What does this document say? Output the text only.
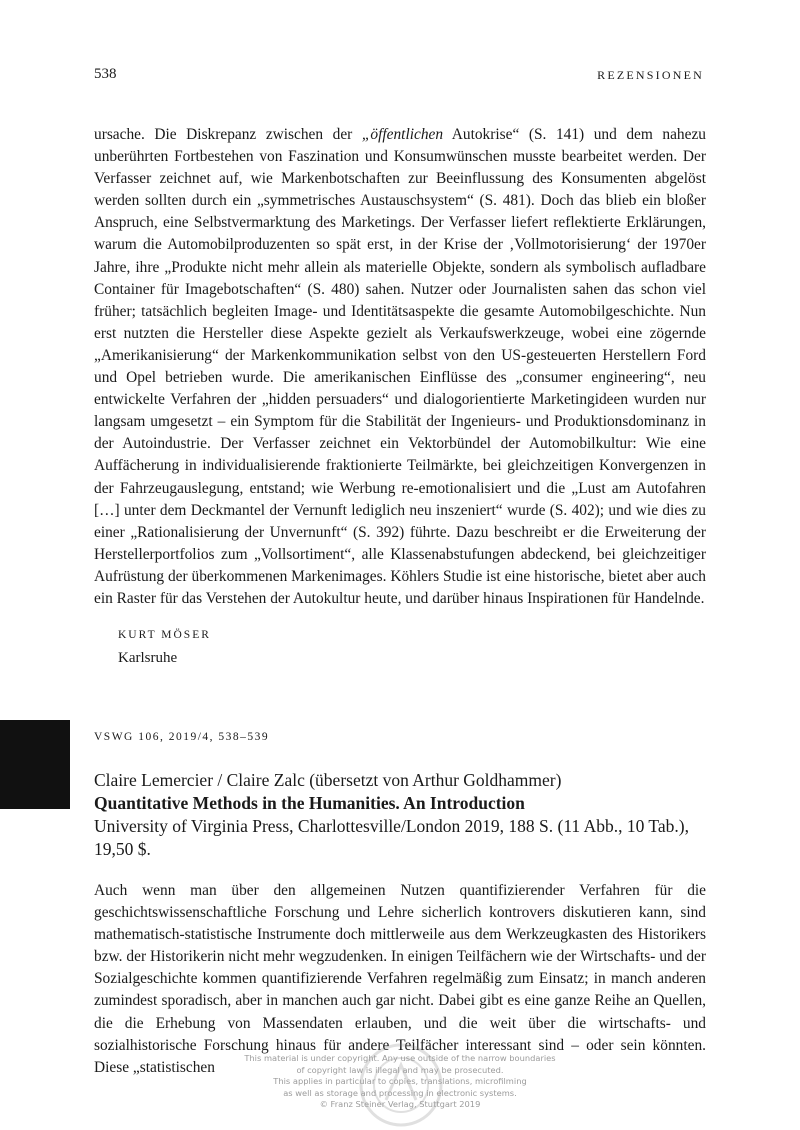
538	REZENSIONEN

ursache. Die Diskrepanz zwischen der „öffentlichen Autokrise“ (S. 141) und dem nahezu unberührten Fortbestehen von Faszination und Konsumwünschen musste bearbeitet werden. Der Verfasser zeichnet auf, wie Markenbotschaften zur Beeinflussung des Konsumenten abgelöst werden sollten durch ein „symmetrisches Austauschsystem“ (S. 481). Doch das blieb ein bloßer Anspruch, eine Selbstvermarktung des Marketings. Der Verfasser liefert reflektierte Erklärungen, warum die Automobilproduzenten so spät erst, in der Krise der ‚Vollmotorisierung‘ der 1970er Jahre, ihre „Produkte nicht mehr allein als materielle Objekte, sondern als symbolisch aufladbare Container für Imagebotschaften“ (S. 480) sahen. Nutzer oder Journalisten sahen das schon viel früher; tatsächlich begleiten Image- und Identitätsaspekte die gesamte Automobilgeschichte. Nun erst nutzten die Hersteller diese Aspekte gezielt als Verkaufswerkzeuge, wobei eine zögernde „Amerikanisierung“ der Markenkommunikation selbst von den US-gesteuerten Herstellern Ford und Opel betrieben wurde. Die amerikanischen Einflüsse des „consumer engineering“, neu entwickelte Verfahren der „hidden persuaders“ und dialogorientierte Marketingideen wurden nur langsam umgesetzt – ein Symptom für die Stabilität der Ingenieurs- und Produktionsdominanz in der Autoindustrie. Der Verfasser zeichnet ein Vektorbündel der Automobilkultur: Wie eine Auffächerung in individualisierende fraktionierte Teilmärkte, bei gleichzeitigen Konvergenzen in der Fahrzeugauslegung, entstand; wie Werbung re-emotionalisiert und die „Lust am Autofahren […] unter dem Deckmantel der Vernunft lediglich neu inszeniert“ wurde (S. 402); und wie dies zu einer „Rationalisierung der Unvernunft“ (S. 392) führte. Dazu beschreibt er die Erweiterung der Herstellerportfolios zum „Vollsortiment“, alle Klassenabstufungen abdeckend, bei gleichzeitiger Aufrüstung der überkommenen Markenimages. Köhlers Studie ist eine historische, bietet aber auch ein Raster für das Verstehen der Autokultur heute, und darüber hinaus Inspirationen für Handelnde.

KURT MÖSER
Karlsruhe
VSWG 106, 2019/4, 538–539
Claire Lemercier / Claire Zalc (übersetzt von Arthur Goldhammer)
Quantitative Methods in the Humanities. An Introduction
University of Virginia Press, Charlottesville/London 2019, 188 S. (11 Abb., 10 Tab.),
19,50 $.

Auch wenn man über den allgemeinen Nutzen quantifizierender Verfahren für die geschichtswissenschaftliche Forschung und Lehre sicherlich kontrovers diskutieren kann, sind mathematisch-statistische Instrumente doch mittlerweile aus dem Werkzeugkasten des Historikers bzw. der Historikerin nicht mehr wegzudenken. In einigen Teilfächern wie der Wirtschafts- und der Sozialgeschichte kommen quantifizierende Verfahren regelmäßig zum Einsatz; in manch anderen zumindest sporadisch, aber in manchen auch gar nicht. Dabei gibt es eine ganze Reihe an Quellen, die die Erhebung von Massendaten erlauben, und die weit über die wirtschafts- und sozialhistorische Forschung hinaus für andere Teilfächer interessant sind – oder sein könnten. Diese „statistischen

This material is under copyright. Any use outside of the narrow boundaries
of copyright law is illegal and may be prosecuted.
This applies in particular to copies, translations, microfilming
as well as storage and processing in electronic systems.
© Franz Steiner Verlag, Stuttgart 2019
